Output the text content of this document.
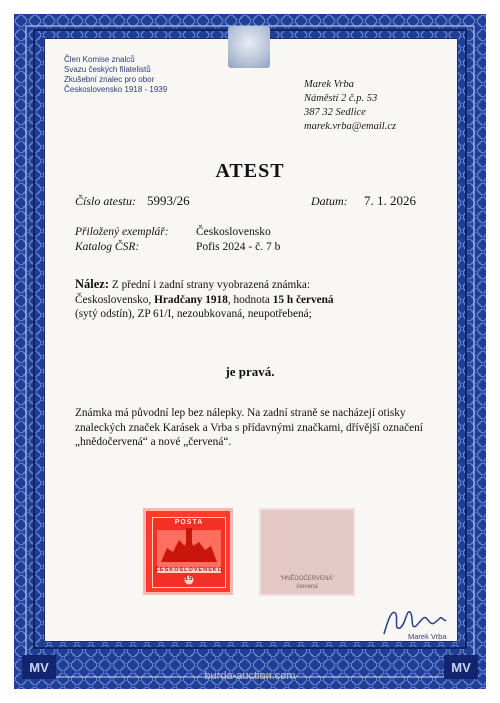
Člen Komise znalců
Svazu českých filatelistů
Zkušební znalec pro obor
Československo 1918 - 1939	Marek Vrba
Náměstí 2 č.p. 53
387 32 Sedlice
marek.vrba@email.cz
ATEST
Číslo atestu: 5993/26	Datum: 7. 1. 2026
Přiložený exemplář: Československo
Katalog ČSR:	Pofis 2024 - č. 7 b
Nález: Z přední i zadní strany vyobrazená známka:
Československo, Hradčany 1918, hodnota 15 h červená
(sytý odstín), ZP 61/I, nezoubkovaná, neupotřebená;
je pravá.
Známka má původní lep bez nálepky. Na zadní straně se nacházejí otisky znaleckých značek Karásek a Vrba s přídavnými značkami, dřívější označení „hnědočervená“ a nové „červená“.
POSTA
ČESKOSLOVENSKO
15	"HNĚDOČERVENÁ"
červená
Marek Vrba
MV	MV
burda-auction.com
TISKÁRNA HRADIŠTKO
